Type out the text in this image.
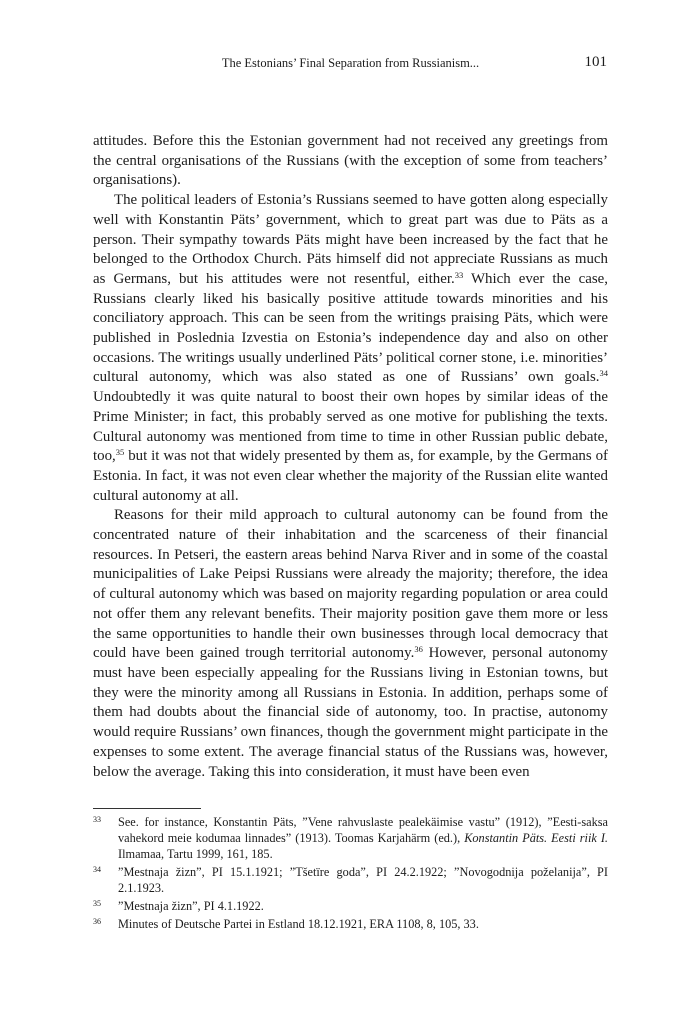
The Estonians’ Final Separation from Russianism...	101

attitudes. Before this the Estonian government had not received any greetings from the central organisations of the Russians (with the exception of some from teachers’ organisations).

The political leaders of Estonia’s Russians seemed to have gotten along especially well with Konstantin Päts’ government, which to great part was due to Päts as a person. Their sympathy towards Päts might have been increased by the fact that he belonged to the Orthodox Church. Päts himself did not appreciate Russians as much as Germans, but his attitudes were not resentful, either.$^{33}$ Which ever the case, Russians clearly liked his basically positive attitude towards minorities and his conciliatory approach. This can be seen from the writings praising Päts, which were published in Poslednia Izvestia on Estonia’s independence day and also on other occasions. The writings usually underlined Päts’ political corner stone, i.e. minorities’ cultural autonomy, which was also stated as one of Russians’ own goals.$^{34}$ Undoubtedly it was quite natural to boost their own hopes by similar ideas of the Prime Minister; in fact, this probably served as one motive for publishing the texts. Cultural autonomy was mentioned from time to time in other Russian public debate, too,$^{35}$ but it was not that widely presented by them as, for example, by the Germans of Estonia. In fact, it was not even clear whether the majority of the Russian elite wanted cultural autonomy at all.

Reasons for their mild approach to cultural autonomy can be found from the concentrated nature of their inhabitation and the scarceness of their financial resources. In Petseri, the eastern areas behind Narva River and in some of the coastal municipalities of Lake Peipsi Russians were already the majority; therefore, the idea of cultural autonomy which was based on majority regarding population or area could not offer them any relevant benefits. Their majority position gave them more or less the same opportunities to handle their own businesses through local democracy that could have been gained trough territorial autonomy.$^{36}$ However, personal autonomy must have been especially appealing for the Russians living in Estonian towns, but they were the minority among all Russians in Estonia. In addition, perhaps some of them had doubts about the financial side of autonomy, too. In practise, autonomy would require Russians’ own finances, though the government might participate in the expenses to some extent. The average financial status of the Russians was, however, below the average. Taking this into consideration, it must have been even

33 See. for instance, Konstantin Päts, ”Vene rahvuslaste pealekäimise vastu” (1912), ”Eesti-saksa vahekord meie kodumaa linnades” (1913). Toomas Karjahärm (ed.), Konstantin Päts. Eesti riik I. Ilmamaa, Tartu 1999, 161, 185.
34 ”Mestnaja žizn”, PI 15.1.1921; ”Tšetïre goda”, PI 24.2.1922; ”Novogodnija poželanija”, PI 2.1.1923.
35 ”Mestnaja žizn”, PI 4.1.1922.
36 Minutes of Deutsche Partei in Estland 18.12.1921, ERA 1108, 8, 105, 33.
